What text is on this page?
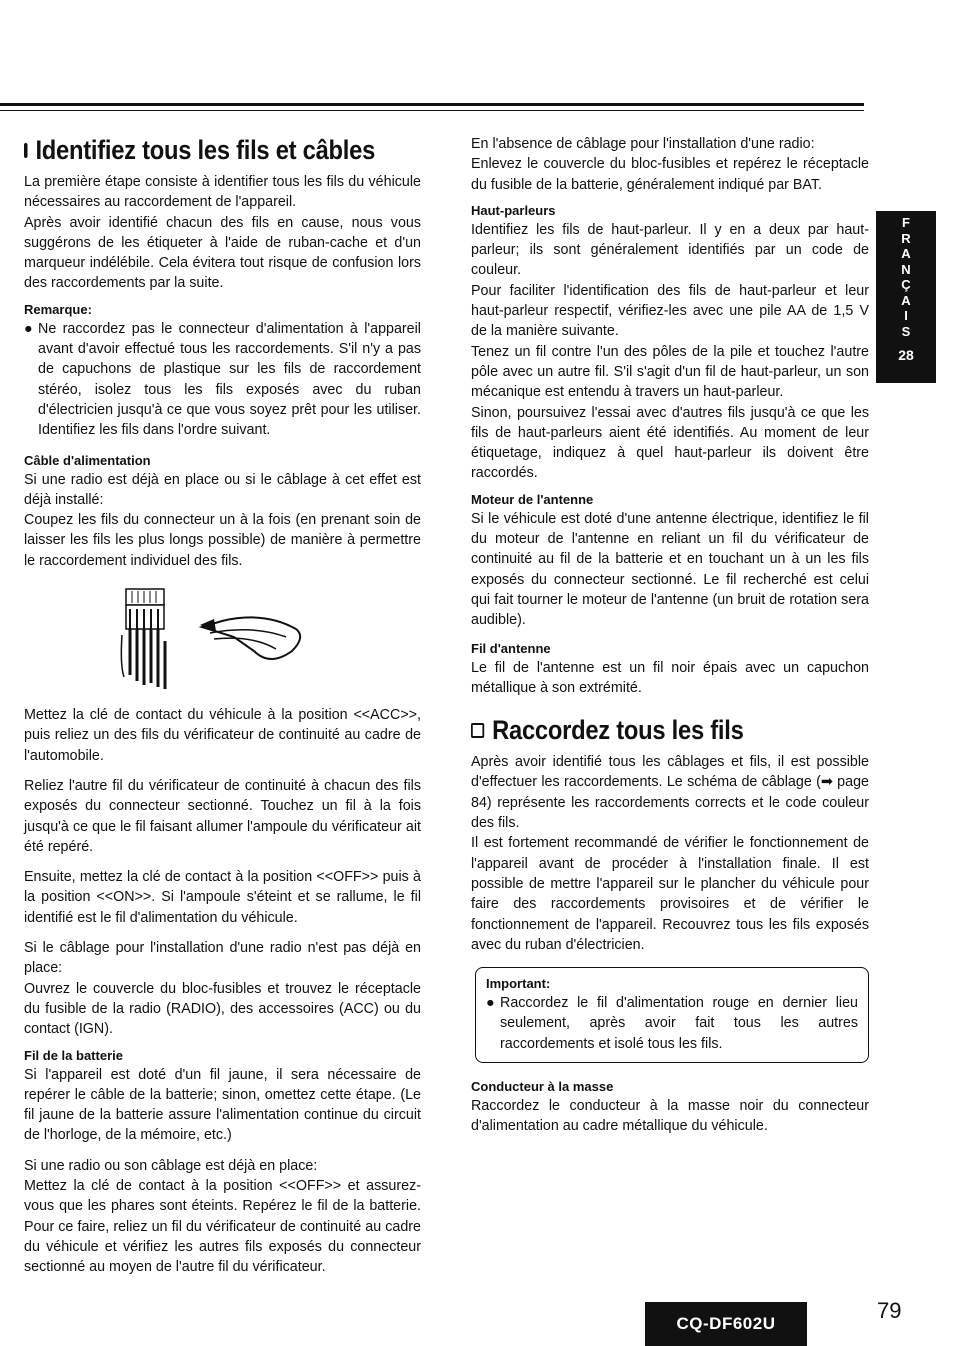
Identifiez tous les fils et câbles

La première étape consiste à identifier tous les fils du véhicule nécessaires au raccordement de l'appareil.

Après avoir identifié chacun des fils en cause, nous vous suggérons de les étiqueter à l'aide de ruban-cache et d'un marqueur indélébile. Cela évitera tout risque de confusion lors des raccordements par la suite.

Remarque:
● Ne raccordez pas le connecteur d'alimentation à l'appareil avant d'avoir effectué tous les raccordements. S'il n'y a pas de capuchons de plastique sur les fils de raccordement stéréo, isolez tous les fils exposés avec du ruban d'électricien jusqu'à ce que vous soyez prêt pour les utiliser. Identifiez les fils dans l'ordre suivant.
Câble d'alimentation

Si une radio est déjà en place ou si le câblage à cet effet est déjà installé:

Coupez les fils du connecteur un à la fois (en prenant soin de laisser les fils les plus longs possible) de manière à permettre le raccordement individuel des fils.

Mettez la clé de contact du véhicule à la position <<ACC>>, puis reliez un des fils du vérificateur de continuité au cadre de l'automobile.

Reliez l'autre fil du vérificateur de continuité à chacun des fils exposés du connecteur sectionné. Touchez un fil à la fois jusqu'à ce que le fil faisant allumer l'ampoule du vérificateur ait été repéré.

Ensuite, mettez la clé de contact à la position <<OFF>> puis à la position <<ON>>. Si l'ampoule s'éteint et se rallume, le fil identifié est le fil d'alimentation du véhicule.

Si le câblage pour l'installation d'une radio n'est pas déjà en place:

Ouvrez le couvercle du bloc-fusibles et trouvez le réceptacle du fusible de la radio (RADIO), des accessoires (ACC) ou du contact (IGN).

Fil de la batterie

Si l'appareil est doté d'un fil jaune, il sera nécessaire de repérer le câble de la batterie; sinon, omettez cette étape. (Le fil jaune de la batterie assure l'alimentation continue du circuit de l'horloge, de la mémoire, etc.)

Si une radio ou son câblage est déjà en place:

Mettez la clé de contact à la position <<OFF>> et assurez-vous que les phares sont éteints. Repérez le fil de la batterie. Pour ce faire, reliez un fil du vérificateur de continuité au cadre du véhicule et vérifiez les autres fils exposés du connecteur sectionné au moyen de l'autre fil du vérificateur.

En l'absence de câblage pour l'installation d'une radio:

Enlevez le couvercle du bloc-fusibles et repérez le réceptacle du fusible de la batterie, généralement indiqué par BAT.

Haut-parleurs

Identifiez les fils de haut-parleur. Il y en a deux par haut-parleur; ils sont généralement identifiés par un code de couleur.

Pour faciliter l'identification des fils de haut-parleur et leur haut-parleur respectif, vérifiez-les avec une pile AA de 1,5 V de la manière suivante.

Tenez un fil contre l'un des pôles de la pile et touchez l'autre pôle avec un autre fil. S'il s'agit d'un fil de haut-parleur, un son mécanique est entendu à travers un haut-parleur.

Sinon, poursuivez l'essai avec d'autres fils jusqu'à ce que les fils de haut-parleurs aient été identifiés. Au moment de leur étiquetage, indiquez à quel haut-parleur ils doivent être raccordés.

Moteur de l'antenne

Si le véhicule est doté d'une antenne électrique, identifiez le fil du moteur de l'antenne en reliant un fil du vérificateur de continuité au fil de la batterie et en touchant un à un les fils exposés du connecteur sectionné. Le fil recherché est celui qui fait tourner le moteur de l'antenne (un bruit de rotation sera audible).

Fil d'antenne

Le fil de l'antenne est un fil noir épais avec un capuchon métallique à son extrémité.

Raccordez tous les fils

Après avoir identifié tous les câblages et fils, il est possible d'effectuer les raccordements. Le schéma de câblage (➡ page 84) représente les raccordements corrects et le code couleur des fils.

Il est fortement recommandé de vérifier le fonctionnement de l'appareil avant de procéder à l'installation finale. Il est possible de mettre l'appareil sur le plancher du véhicule pour faire des raccordements provisoires et de vérifier le fonctionnement de l'appareil. Recouvrez tous les fils exposés avec du ruban d'électricien.

Important:
● Raccordez le fil d'alimentation rouge en dernier lieu seulement, après avoir fait tous les autres raccordements et isolé tous les fils.
Conducteur à la masse

Raccordez le conducteur à la masse noir du connecteur d'alimentation au cadre métallique du véhicule.

F
R
A
N
Ç
A
I
S
28
CQ-DF602U
79
